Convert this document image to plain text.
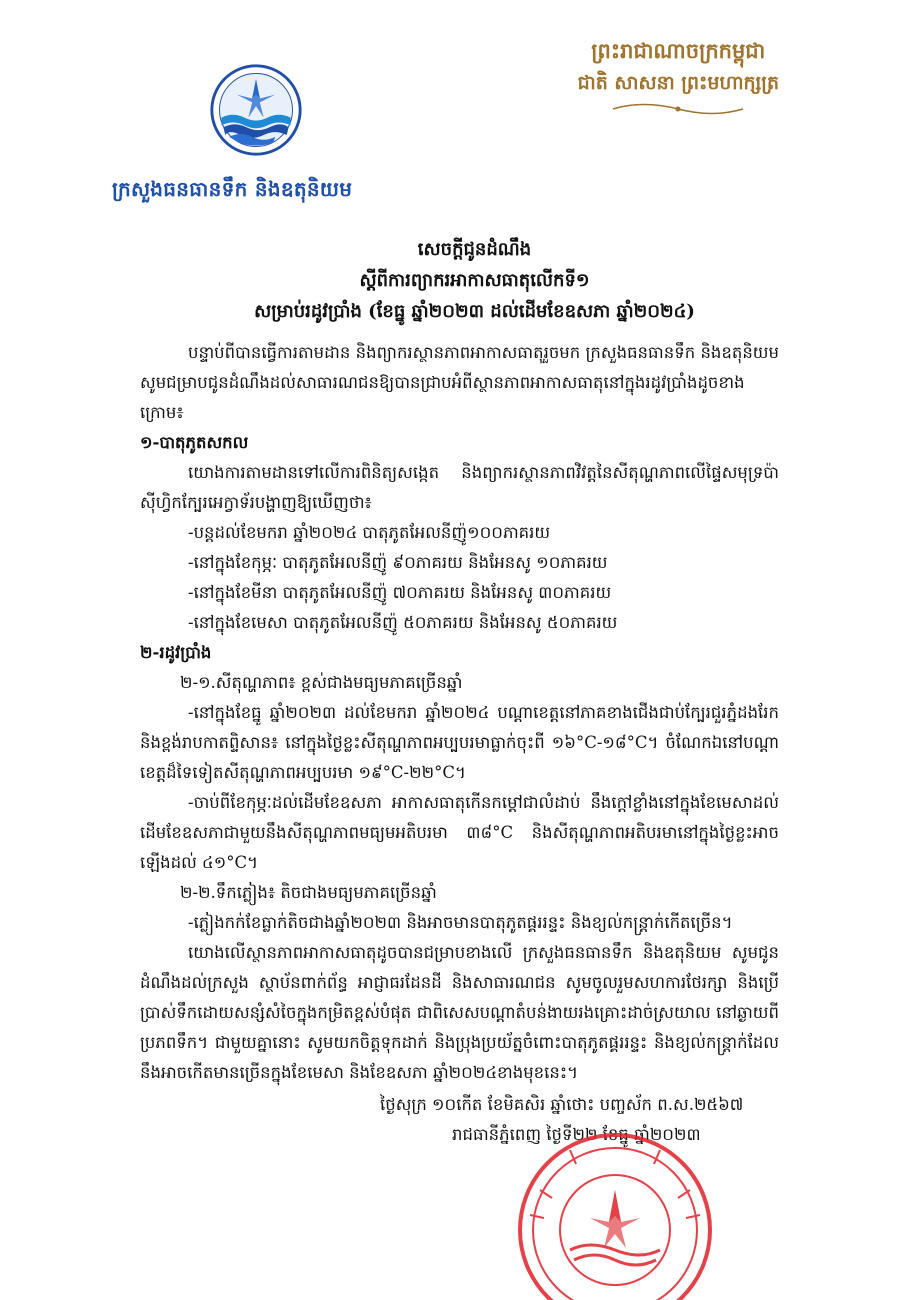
ព្រះរាជាណាចក្រកម្ពុជា
ជាតិ សាសនា ព្រះមហាក្សត្រ
ក្រសួងធនធានទឹក និងឧតុនិយម
សេចក្តីជូនដំណឹង
ស្តីពីការព្យាករអាកាសធាតុលើកទី១
សម្រាប់រដូវប្រាំង (ខែធ្នូ ឆ្នាំ២០២៣ ដល់ដើមខែឧសភា ឆ្នាំ២០២៤)

បន្ទាប់ពីបានធ្វើការតាមដាន និងព្យាករស្ថានភាពអាកាសធាតុរួចមក ក្រសួងធនធានទឹក និងឧតុនិយម សូមជម្រាបជូនដំណឹងដល់សាធារណជនឱ្យបានជ្រាបអំពីស្ថានភាពអាកាសធាតុនៅក្នុងរដូវប្រាំងដូចខាងក្រោម៖

១-បាតុភូតសកល

យោងការតាមដានទៅលើការពិនិត្យសង្កេត និងព្យាករស្ថានភាពវិវត្តនៃសីតុណ្ហភាពលើផ្ទៃសមុទ្រប៉ាស៊ីហ្វិកក្បែរអេក្វាទ័របង្ហាញឱ្យឃើញថា៖

-បន្តដល់ខែមករា ឆ្នាំ២០២៤ បាតុភូតអែលនីញ៉ូ១០០ភាគរយ

-នៅក្នុងខែកុម្ភៈ បាតុភូតអែលនីញ៉ូ ៩០ភាគរយ និងអែនសូ ១០ភាគរយ

-នៅក្នុងខែមីនា បាតុភូតអែលនីញ៉ូ ៧០ភាគរយ និងអែនសូ ៣០ភាគរយ

-នៅក្នុងខែមេសា បាតុភូតអែលនីញ៉ូ ៥០ភាគរយ និងអែនសូ ៥០ភាគរយ

២-រដូវប្រាំង

២-១.សីតុណ្ហភាព៖ ខ្ពស់ជាងមធ្យមភាគច្រើនឆ្នាំ

-នៅក្នុងខែធ្នូ ឆ្នាំ២០២៣ ដល់ខែមករា ឆ្នាំ២០២៤ បណ្តាខេត្តនៅភាគខាងជើងជាប់ក្បែរជួរភ្នំដងរែក និងខ្ពង់រាបកាតព្ទិសាន៖ នៅក្នុងថ្ងៃខ្លះសីតុណ្ហភាពអប្បបរមាធ្លាក់ចុះពី ១៦°C-១៨°C។ ចំណែកឯនៅបណ្តាខេត្តដ៏ទៃទៀតសីតុណ្ហភាពអប្បបរមា ១៩°C-២២°C។

-ចាប់ពីខែកុម្ភៈដល់ដើមខែឧសភា អាកាសធាតុកើនកម្តៅជាលំដាប់ នឹងក្តៅខ្លាំងនៅក្នុងខែមេសាដល់ដើមខែឧសភាជាមួយនឹងសីតុណ្ហភាពមធ្យមអតិបរមា ៣៨°C និងសីតុណ្ហភាពអតិបរមានៅក្នុងថ្ងៃខ្លះអាចឡើងដល់ ៤១°C។

២-២.ទឹកភ្លៀង៖ តិចជាងមធ្យមភាគច្រើនឆ្នាំ

-ភ្លៀងកក់ខែធ្លាក់តិចជាងឆ្នាំ២០២៣ និងអាចមានបាតុភូតផ្គររន្ទះ និងខ្យល់កន្ត្រាក់កើតច្រើន។

យោងលើស្ថានភាពអាកាសធាតុដូចបានជម្រាបខាងលើ ក្រសួងធនធានទឹក និងឧតុនិយម សូមជូនដំណឹងដល់ក្រសួង ស្ថាប័នពាក់ព័ន្ធ អាជ្ញាធរដែនដី និងសាធារណជន សូមចូលរួមសហការថែរក្សា និងប្រើប្រាស់ទឹកដោយសន្សំសំចៃក្នុងកម្រិតខ្ពស់បំផុត ជាពិសេសបណ្តាតំបន់ងាយរងគ្រោះដាច់ស្រយាល នៅឆ្ងាយពីប្រភពទឹក។ ជាមួយគ្នានោះ សូមយកចិត្តទុកដាក់ និងប្រុងប្រយ័ត្នចំពោះបាតុភូតផ្គររន្ទះ និងខ្យល់កន្ត្រាក់ដែលនឹងអាចកើតមានច្រើនក្នុងខែមេសា និងខែឧសភា ឆ្នាំ២០២៤ខាងមុខនេះ។

ថ្ងៃសុក្រ ១០កើត ខែមិគសិរ ឆ្នាំថោះ បញ្ចស័ក ព.ស.២៥៦៧
រាជធានីភ្នំពេញ ថ្ងៃទី២២ ខែធ្នូ ឆ្នាំ២០២៣
